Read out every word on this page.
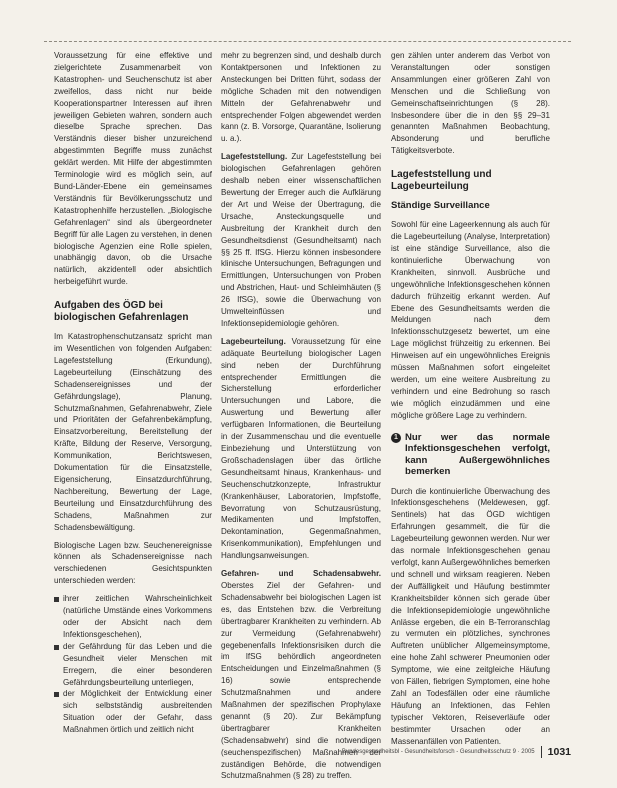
Voraussetzung für eine effektive und zielgerichtete Zusammenarbeit von Katastrophen- und Seuchenschutz ist aber zweifellos, dass nicht nur beide Kooperationspartner Interessen auf ihren jeweiligen Gebieten wahren, sondern auch dieselbe Sprache sprechen. Das Verständnis dieser bisher unzureichend abgestimmten Begriffe muss zunächst geklärt werden. Mit Hilfe der abgestimmten Terminologie wird es möglich sein, auf Bund-Länder-Ebene ein gemeinsames Verständnis für Bevölkerungsschutz und Katastrophenhilfe herzustellen. „Biologische Gefahrenlagen“ sind als übergeordneter Begriff für alle Lagen zu verstehen, in denen biologische Agenzien eine Rolle spielen, unabhängig davon, ob die Ursache natürlich, akzidentell oder absichtlich herbeigeführt wurde.

Aufgaben des ÖGD bei biologischen Gefahrenlagen

Im Katastrophenschutzansatz spricht man im Wesentlichen von folgenden Aufgaben: Lagefeststellung (Erkundung), Lagebeurteilung (Einschätzung des Schadensereignisses und der Gefährdungslage), Planung, Schutzmaßnahmen, Gefahrenabwehr, Ziele und Prioritäten der Gefahrenbekämpfung, Einsatzvorbereitung, Bereitstellung der Kräfte, Bildung der Reserve, Versorgung, Kommunikation, Berichtswesen, Dokumentation für die Einsatzstelle, Eigensicherung, Einsatzdurchführung, Nachbereitung, Bewertung der Lage, Beurteilung und Einsatzdurchführung des Schadens, Maßnahmen zur Schadensbewältigung.

Biologische Lagen bzw. Seuchenereignisse können als Schadensereignisse nach verschiedenen Gesichtspunkten unterschieden werden:

ihrer zeitlichen Wahrscheinlichkeit (natürliche Umstände eines Vorkommens oder der Absicht nach dem Infektionsgeschehen),
der Gefährdung für das Leben und die Gesundheit vieler Menschen mit Erregern, die einer besonderen Gefährdungsbeurteilung unterliegen,
der Möglichkeit der Entwicklung einer sich selbstständig ausbreitenden Situation oder der Gefahr, dass Maßnahmen örtlich und zeitlich nicht

mehr zu begrenzen sind, und deshalb durch Kontaktpersonen und Infektionen zu Ansteckungen bei Dritten führt, sodass der mögliche Schaden mit den notwendigen Mitteln der Gefahrenabwehr und entsprechender Folgen abgewendet werden kann (z. B. Vorsorge, Quarantäne, Isolierung u. a.).

Lagefeststellung. Zur Lagefeststellung bei biologischen Gefahrenlagen gehören deshalb neben einer wissenschaftlichen Bewertung der Erreger auch die Aufklärung der Art und Weise der Übertragung, die Ursache, Ansteckungsquelle und Ausbreitung der Krankheit durch den Gesundheitsdienst (Gesundheitsamt) nach §§ 25 ff. IfSG. Hierzu können insbesondere klinische Untersuchungen, Befragungen und Ermittlungen, Untersuchungen von Proben und Abstrichen, Haut- und Schleimhäuten (§ 26 IfSG), sowie die Überwachung von Umwelteinflüssen und Infektionsepidemiologie gehören.

Lagebeurteilung. Voraussetzung für eine adäquate Beurteilung biologischer Lagen sind neben der Durchführung entsprechender Ermittlungen die Sicherstellung erforderlicher Untersuchungen und Labore, die Auswertung und Bewertung aller verfügbaren Informationen, die Beurteilung in der Zusammenschau und die eventuelle Einbeziehung und Unterstützung von Großschadenslagen über das örtliche Gesundheitsamt hinaus, Krankenhaus- und Seuchenschutzkonzepte, Infrastruktur (Krankenhäuser, Laboratorien, Impfstoffe, Bevorratung von Schutzausrüstung, Medikamenten und Impfstoffen, Dekontamination, Gegenmaßnahmen, Krisenkommunikation), Empfehlungen und Handlungsanweisungen.

Gefahren- und Schadensabwehr. Oberstes Ziel der Gefahren- und Schadensabwehr bei biologischen Lagen ist es, das Entstehen bzw. die Verbreitung übertragbarer Krankheiten zu verhindern. Ab zur Vermeidung (Gefahrenabwehr) gegebenenfalls Infektionsrisiken durch die im IfSG behördlich angeordneten Entscheidungen und Einzelmaßnahmen (§ 16) sowie entsprechende Schutzmaßnahmen und andere Maßnahmen der spezifischen Prophylaxe genannt (§ 20). Zur Bekämpfung übertragbarer Krankheiten (Schadensabwehr) sind die notwendigen (seuchenspezifischen) Maßnahmen der zuständigen Behörde, die notwendigen Schutzmaßnahmen (§ 28) zu treffen.

gen zählen unter anderem das Verbot von Veranstaltungen oder sonstigen Ansammlungen einer größeren Zahl von Menschen und die Schließung von Gemeinschaftseinrichtungen (§ 28). Insbesondere über die in den §§ 29–31 genannten Maßnahmen Beobachtung, Absonderung und berufliche Tätigkeitsverbote.

Lagefeststellung und Lagebeurteilung
Ständige Surveillance

Sowohl für eine Lageerkennung als auch für die Lagebeurteilung (Analyse, Interpretation) ist eine ständige Surveillance, also die kontinuierliche Überwachung von Krankheiten, sinnvoll. Ausbrüche und ungewöhnliche Infektionsgeschehen können dadurch frühzeitig erkannt werden. Auf Ebene des Gesundheitsamts werden die Meldungen nach dem Infektionsschutzgesetz bewertet, um eine Lage möglichst frühzeitig zu erkennen. Bei Hinweisen auf ein ungewöhnliches Ereignis müssen Maßnahmen sofort eingeleitet werden, um eine weitere Ausbreitung zu verhindern und eine Bedrohung so rasch wie möglich einzudämmen und eine mögliche größere Lage zu verhindern.

1 Nur wer das normale Infektionsgeschehen verfolgt, kann Außergewöhnliches bemerken

Durch die kontinuierliche Überwachung des Infektionsgeschehens (Meldewesen, ggf. Sentinels) hat das ÖGD wichtigen Erfahrungen gesammelt, die für die Lagebeurteilung gewonnen werden. Nur wer das normale Infektionsgeschehen genau verfolgt, kann Außergewöhnliches bemerken und schnell und wirksam reagieren. Neben der Auffälligkeit und Häufung bestimmter Krankheitsbilder können sich gerade über die Infektionsepidemiologie ungewöhnliche Anlässe ergeben, die ein B-Terroranschlag zu vermuten ein plötzliches, synchrones Auftreten unüblicher Allgemeinsymptome, eine hohe Zahl schwerer Pneumonien oder Symptome, wie eine zeitgleiche Häufung von Fällen, fiebrigen Symptomen, eine hohe Zahl an Todesfällen oder eine räumliche Häufung an Infektionen, das Fehlen typischer Vektoren, Reiseverläufe oder bestimmter Ursachen oder an Massenanfällen von Patienten.

Bundesgesundheitsbl - Gesundheitsforsch - Gesundheitsschutz 9 · 2005 1031
